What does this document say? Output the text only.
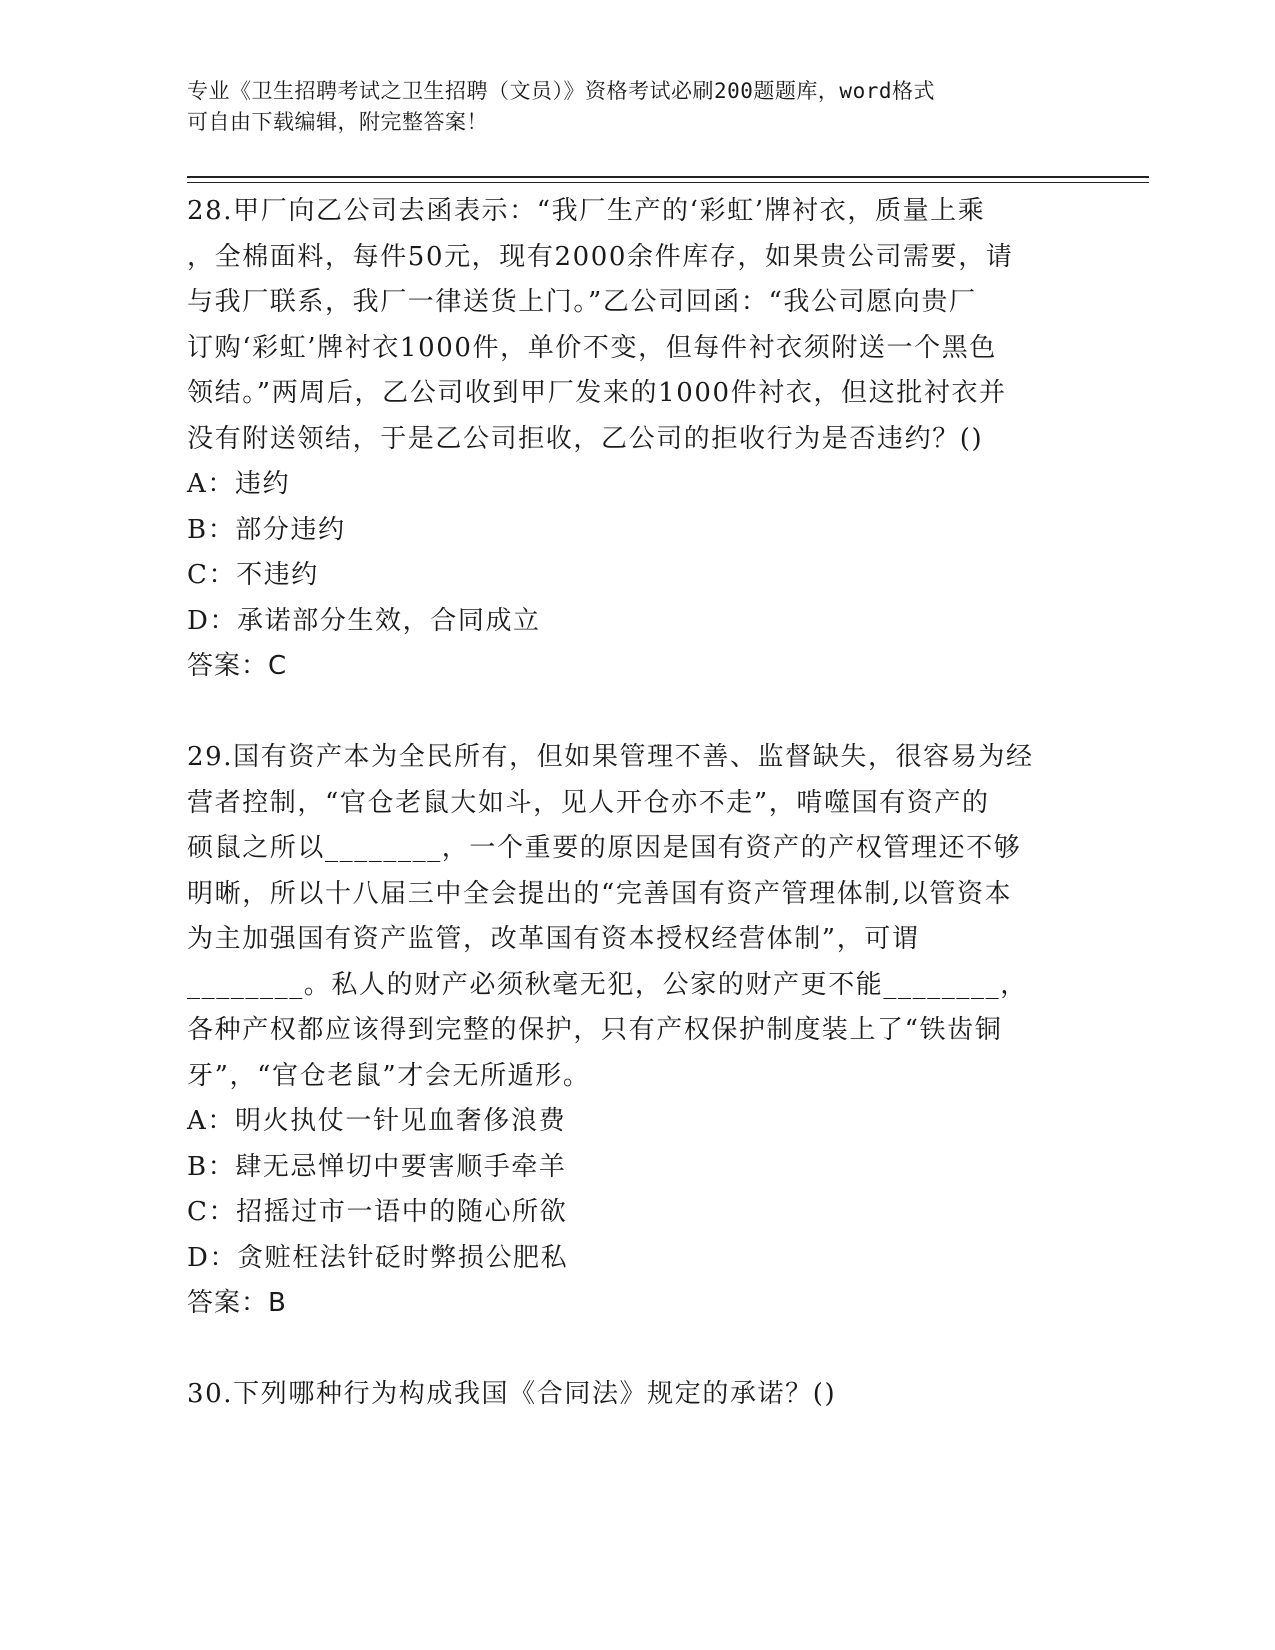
专业《卫生招聘考试之卫生招聘（文员）》资格考试必刷200题题库，word格式
可自由下载编辑，附完整答案！
28.甲厂向乙公司去函表示：“我厂生产的‘彩虹’牌衬衣，质量上乘
，全棉面料，每件50元，现有2000余件库存，如果贵公司需要，请
与我厂联系，我厂一律送货上门。”乙公司回函：“我公司愿向贵厂
订购‘彩虹’牌衬衣1000件，单价不变，但每件衬衣须附送一个黑色
领结。”两周后，乙公司收到甲厂发来的1000件衬衣，但这批衬衣并
没有附送领结，于是乙公司拒收，乙公司的拒收行为是否违约？()
A：违约
B：部分违约
C：不违约
D：承诺部分生效，合同成立
答案：C
29.国有资产本为全民所有，但如果管理不善、监督缺失，很容易为经
营者控制，“官仓老鼠大如斗，见人开仓亦不走”，啃噬国有资产的
硕鼠之所以________，一个重要的原因是国有资产的产权管理还不够
明晰，所以十八届三中全会提出的“完善国有资产管理体制,以管资本
为主加强国有资产监管，改革国有资本授权经营体制”，可谓
________。私人的财产必须秋毫无犯，公家的财产更不能________，
各种产权都应该得到完整的保护，只有产权保护制度装上了“铁齿铜
牙”，“官仓老鼠”才会无所遁形。
A：明火执仗一针见血奢侈浪费
B：肆无忌惮切中要害顺手牵羊
C：招摇过市一语中的随心所欲
D：贪赃枉法针砭时弊损公肥私
答案：B
30.下列哪种行为构成我国《合同法》规定的承诺？()
